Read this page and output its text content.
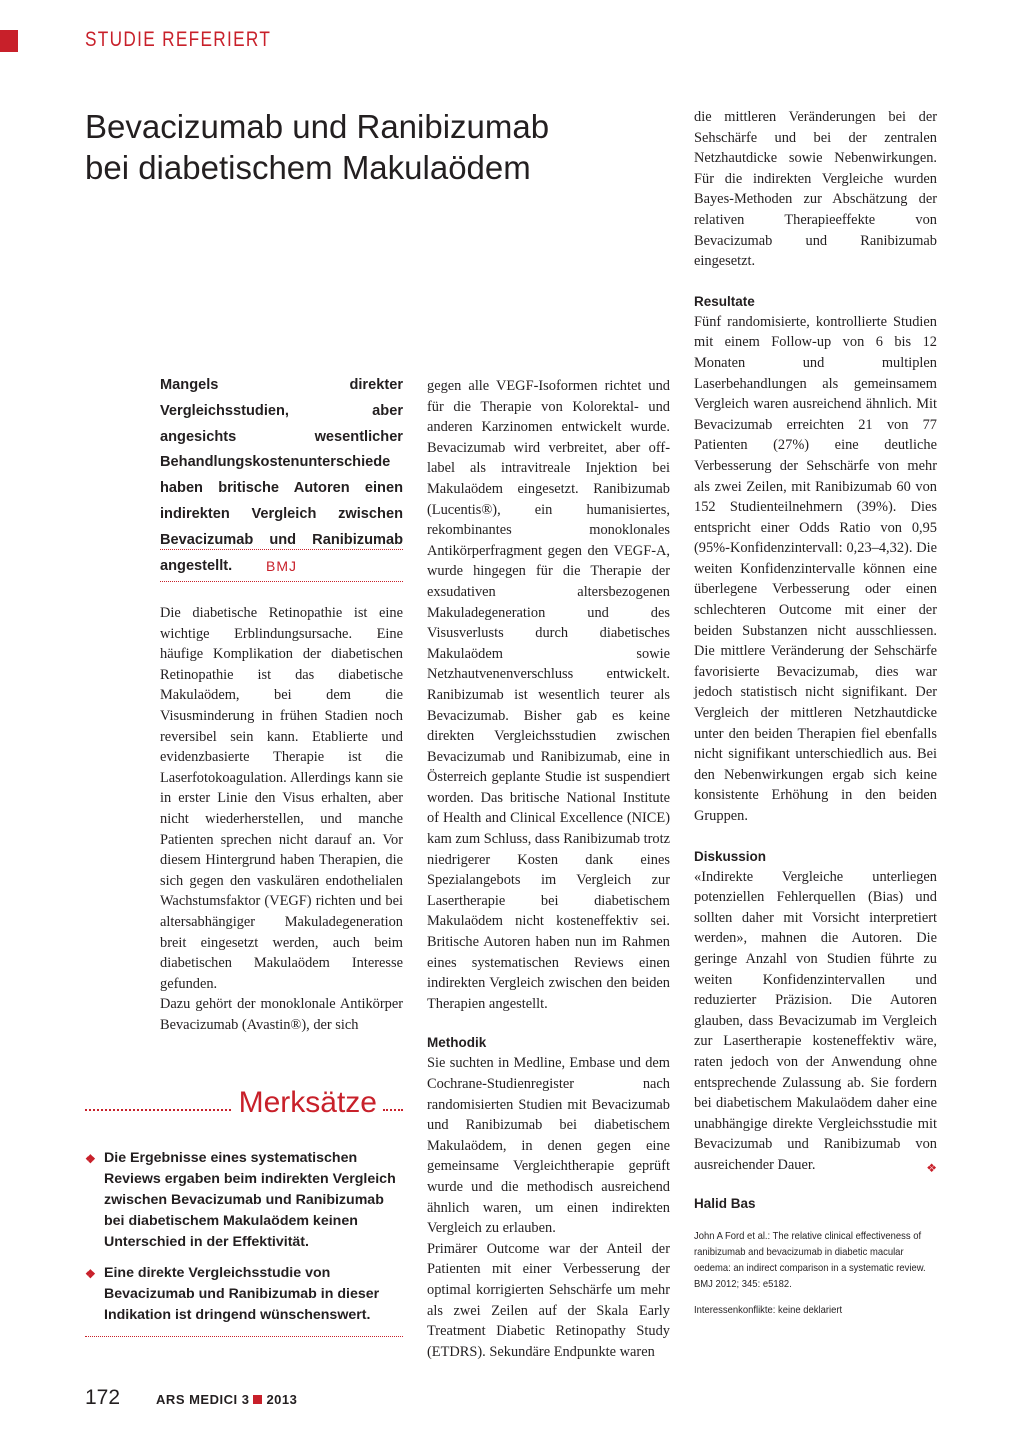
STUDIE REFERIERT
Bevacizumab und Ranibizumab
bei diabetischem Makulaödem
Mangels direkter Vergleichsstudien, aber angesichts wesentlicher Behandlungskostenunterschiede haben britische Autoren einen indirekten Vergleich zwischen Bevacizumab und Ranibizumab angestellt.	BMJ

Die diabetische Retinopathie ist eine wichtige Erblindungsursache. Eine häufige Komplikation der diabetischen Retinopathie ist das diabetische Makulaödem, bei dem die Visusminderung in frühen Stadien noch reversibel sein kann. Etablierte und evidenzbasierte Therapie ist die Laserfotokoagulation. Allerdings kann sie in erster Linie den Visus erhalten, aber nicht wiederherstellen, und manche Patienten sprechen nicht darauf an. Vor diesem Hintergrund haben Therapien, die sich gegen den vaskulären endothelialen Wachstumsfaktor (VEGF) richten und bei altersabhängiger Makuladegeneration breit eingesetzt werden, auch beim diabetischen Makulaödem Interesse gefunden.

Dazu gehört der monoklonale Antikörper Bevacizumab (Avastin®), der sich

gegen alle VEGF-Isoformen richtet und für die Therapie von Kolorektal- und anderen Karzinomen entwickelt wurde. Bevacizumab wird verbreitet, aber off-label als intravitreale Injektion bei Makulaödem eingesetzt. Ranibizumab (Lucentis®), ein humanisiertes, rekombinantes monoklonales Antikörperfragment gegen den VEGF-A, wurde hingegen für die Therapie der exsudativen altersbezogenen Makuladegeneration und des Visusverlusts durch diabetisches Makulaödem sowie Netzhautvenenverschluss entwickelt. Ranibizumab ist wesentlich teurer als Bevacizumab. Bisher gab es keine direkten Vergleichsstudien zwischen Bevacizumab und Ranibizumab, eine in Österreich geplante Studie ist suspendiert worden. Das britische National Institute of Health and Clinical Excellence (NICE) kam zum Schluss, dass Ranibizumab trotz niedrigerer Kosten dank eines Spezialangebots im Vergleich zur Lasertherapie bei diabetischem Makulaödem nicht kosteneffektiv sei. Britische Autoren haben nun im Rahmen eines systematischen Reviews einen indirekten Vergleich zwischen den beiden Therapien angestellt.

Methodik

Sie suchten in Medline, Embase und dem Cochrane-Studienregister nach randomisierten Studien mit Bevacizumab und Ranibizumab bei diabetischem Makulaödem, in denen gegen eine gemeinsame Vergleichtherapie geprüft wurde und die methodisch ausreichend ähnlich waren, um einen indirekten Vergleich zu erlauben.

Primärer Outcome war der Anteil der Patienten mit einer Verbesserung der optimal korrigierten Sehschärfe um mehr als zwei Zeilen auf der Skala Early Treatment Diabetic Retinopathy Study (ETDRS). Sekundäre Endpunkte waren

die mittleren Veränderungen bei der Sehschärfe und bei der zentralen Netzhautdicke sowie Nebenwirkungen. Für die indirekten Vergleiche wurden Bayes-Methoden zur Abschätzung der relativen Therapieeffekte von Bevacizumab und Ranibizumab eingesetzt.

Resultate

Fünf randomisierte, kontrollierte Studien mit einem Follow-up von 6 bis 12 Monaten und multiplen Laserbehandlungen als gemeinsamem Vergleich waren ausreichend ähnlich. Mit Bevacizumab erreichten 21 von 77 Patienten (27%) eine deutliche Verbesserung der Sehschärfe von mehr als zwei Zeilen, mit Ranibizumab 60 von 152 Studienteilnehmern (39%). Dies entspricht einer Odds Ratio von 0,95 (95%-Konfidenzintervall: 0,23–4,32). Die weiten Konfidenzintervalle können eine überlegene Verbesserung oder einen schlechteren Outcome mit einer der beiden Substanzen nicht ausschliessen. Die mittlere Veränderung der Sehschärfe favorisierte Bevacizumab, dies war jedoch statistisch nicht signifikant. Der Vergleich der mittleren Netzhautdicke unter den beiden Therapien fiel ebenfalls nicht signifikant unterschiedlich aus. Bei den Nebenwirkungen ergab sich keine konsistente Erhöhung in den beiden Gruppen.

Diskussion

«Indirekte Vergleiche unterliegen potenziellen Fehlerquellen (Bias) und sollten daher mit Vorsicht interpretiert werden», mahnen die Autoren. Die geringe Anzahl von Studien führte zu weiten Konfidenzintervallen und reduzierter Präzision. Die Autoren glauben, dass Bevacizumab im Vergleich zur Lasertherapie kosteneffektiv wäre, raten jedoch von der Anwendung ohne entsprechende Zulassung ab. Sie fordern bei diabetischem Makulaödem daher eine unabhängige direkte Vergleichsstudie mit Bevacizumab und Ranibizumab von ausreichender Dauer.	❖

Halid Bas
John A Ford et al.: The relative clinical effectiveness of ranibizumab and bevacizumab in diabetic macular oedema: an indirect comparison in a systematic review. BMJ 2012; 345: e5182.
Interessenkonflikte: keine deklariert
Merksätze
❖ Die Ergebnisse eines systematischen Reviews ergaben beim indirekten Vergleich zwischen Bevacizumab und Ranibizumab bei diabetischem Makulaödem keinen Unterschied in der Effektivität.
❖ Eine direkte Vergleichsstudie von Bevacizumab und Ranibizumab in dieser Indikation ist dringend wünschenswert.
172	ARS MEDICI 3 2013
